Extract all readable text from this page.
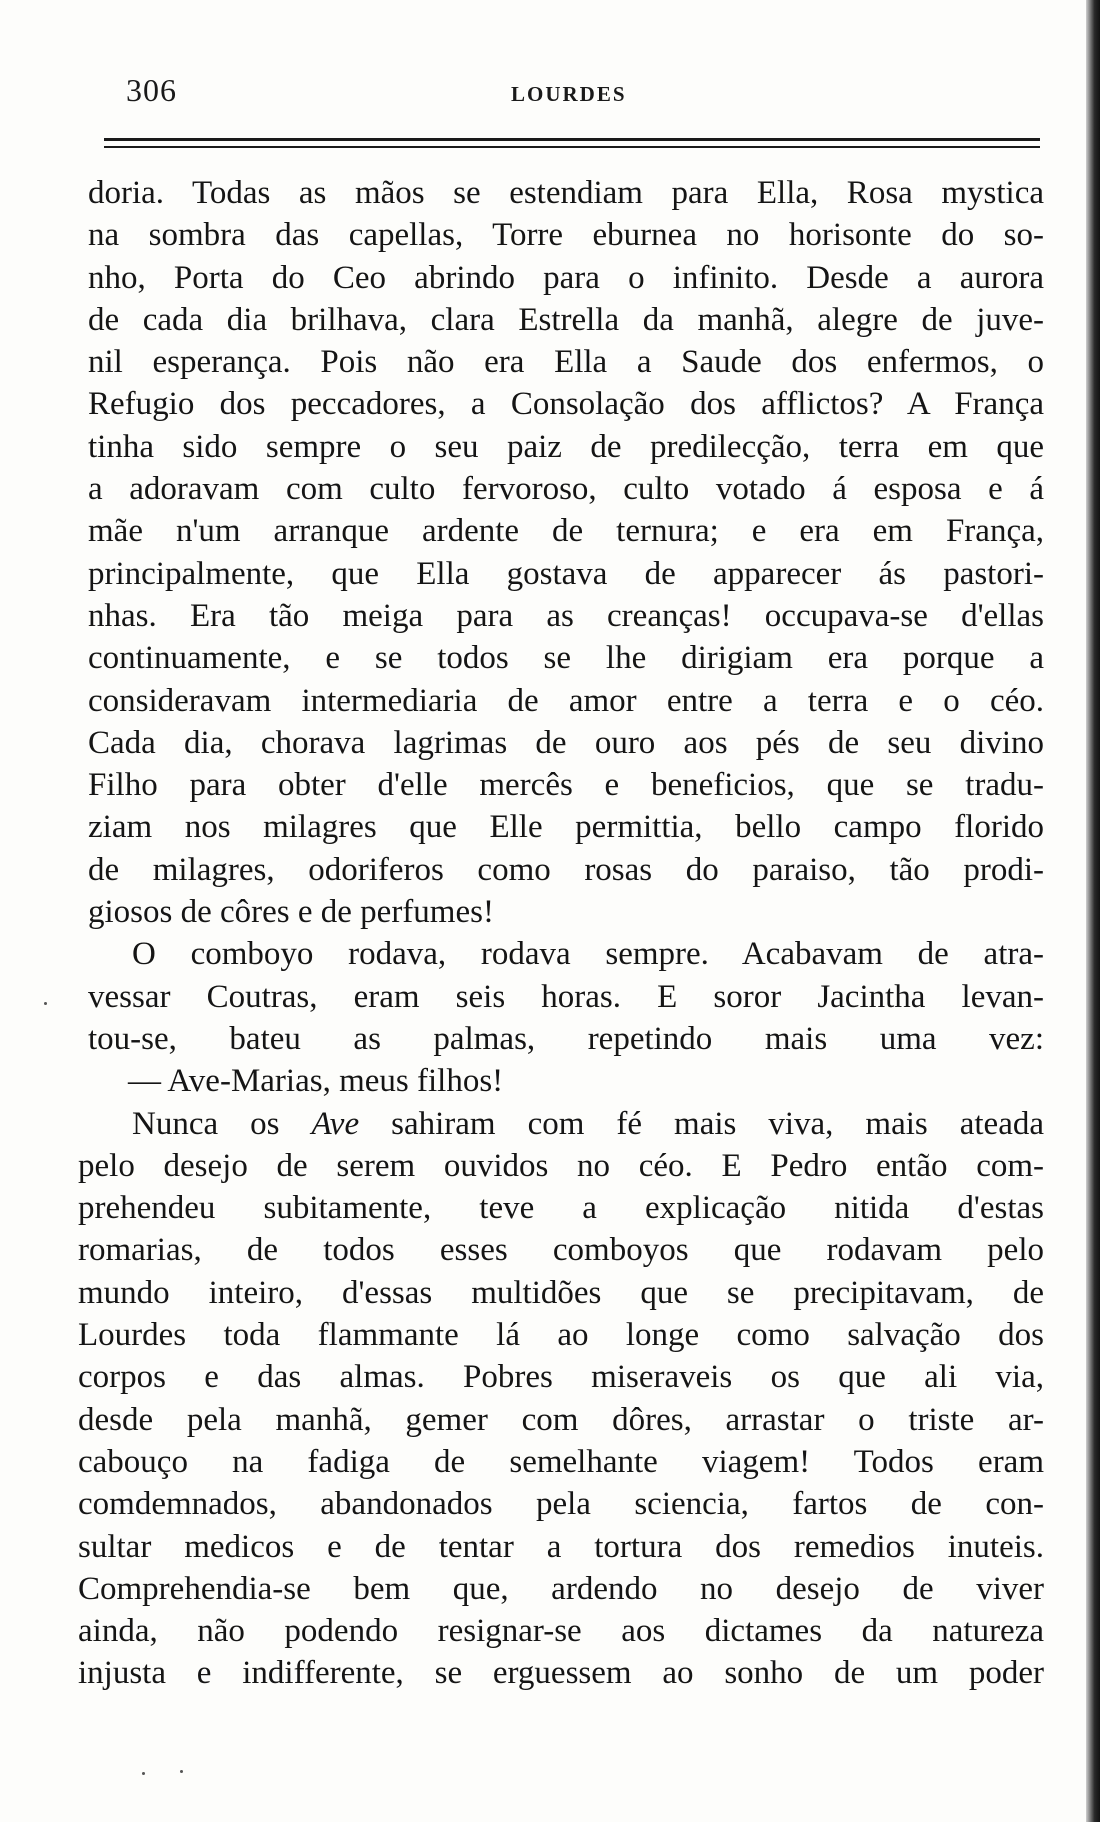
306	LOURDES
doria. Todas as mãos se estendiam para Ella, Rosa mystica
na sombra das capellas, Torre eburnea no horisonte do so-
nho, Porta do Ceo abrindo para o infinito. Desde a aurora
de cada dia brilhava, clara Estrella da manhã, alegre de juve-
nil esperança. Pois não era Ella a Saude dos enfermos, o
Refugio dos peccadores, a Consolação dos afflictos? A França
tinha sido sempre o seu paiz de predilecção, terra em que
a adoravam com culto fervoroso, culto votado á esposa e á
mãe n'um arranque ardente de ternura; e era em França,
principalmente, que Ella gostava de apparecer ás pastori-
nhas. Era tão meiga para as creanças! occupava-se d'ellas
continuamente, e se todos se lhe dirigiam era porque a
consideravam intermediaria de amor entre a terra e o céo.
Cada dia, chorava lagrimas de ouro aos pés de seu divino
Filho para obter d'elle mercês e beneficios, que se tradu-
ziam nos milagres que Elle permittia, bello campo florido
de milagres, odoriferos como rosas do paraiso, tão prodi-
giosos de côres e de perfumes!
O comboyo rodava, rodava sempre. Acabavam de atra-
vessar Coutras, eram seis horas. E soror Jacintha levan-
tou-se, bateu as palmas, repetindo mais uma vez:
— Ave-Marias, meus filhos!
Nunca os Ave sahiram com fé mais viva, mais ateada
pelo desejo de serem ouvidos no céo. E Pedro então com-
prehendeu subitamente, teve a explicação nitida d'estas
romarias, de todos esses comboyos que rodavam pelo
mundo inteiro, d'essas multidões que se precipitavam, de
Lourdes toda flammante lá ao longe como salvação dos
corpos e das almas. Pobres miseraveis os que ali via,
desde pela manhã, gemer com dôres, arrastar o triste ar-
cabouço na fadiga de semelhante viagem! Todos eram
comdemnados, abandonados pela sciencia, fartos de con-
sultar medicos e de tentar a tortura dos remedios inuteis.
Comprehendia-se bem que, ardendo no desejo de viver
ainda, não podendo resignar-se aos dictames da natureza
injusta e indifferente, se erguessem ao sonho de um poder
